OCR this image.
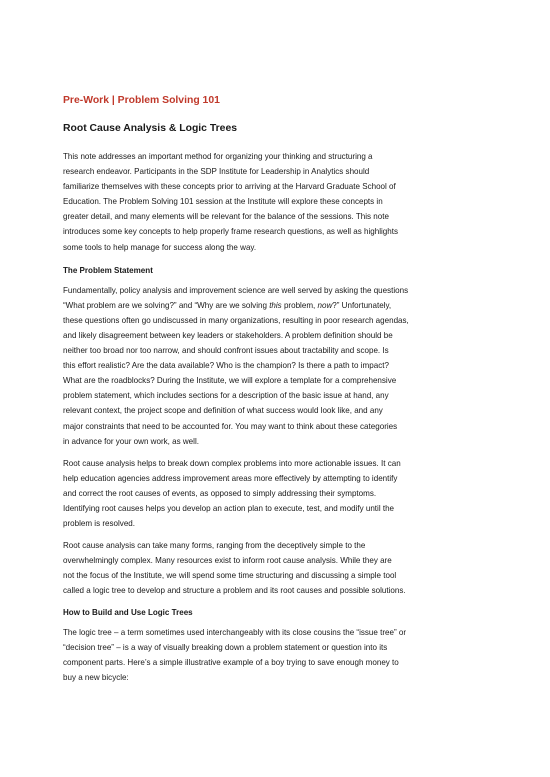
Pre-Work | Problem Solving 101
Root Cause Analysis & Logic Trees

This note addresses an important method for organizing your thinking and structuring a
research endeavor. Participants in the SDP Institute for Leadership in Analytics should
familiarize themselves with these concepts prior to arriving at the Harvard Graduate School of
Education. The Problem Solving 101 session at the Institute will explore these concepts in
greater detail, and many elements will be relevant for the balance of the sessions. This note
introduces some key concepts to help properly frame research questions, as well as highlights
some tools to help manage for success along the way.

The Problem Statement

Fundamentally, policy analysis and improvement science are well served by asking the questions
“What problem are we solving?” and “Why are we solving this problem, now?” Unfortunately,
these questions often go undiscussed in many organizations, resulting in poor research agendas,
and likely disagreement between key leaders or stakeholders. A problem definition should be
neither too broad nor too narrow, and should confront issues about tractability and scope. Is
this effort realistic? Are the data available? Who is the champion? Is there a path to impact?
What are the roadblocks? During the Institute, we will explore a template for a comprehensive
problem statement, which includes sections for a description of the basic issue at hand, any
relevant context, the project scope and definition of what success would look like, and any
major constraints that need to be accounted for. You may want to think about these categories
in advance for your own work, as well.

Root cause analysis helps to break down complex problems into more actionable issues. It can
help education agencies address improvement areas more effectively by attempting to identify
and correct the root causes of events, as opposed to simply addressing their symptoms.
Identifying root causes helps you develop an action plan to execute, test, and modify until the
problem is resolved.

Root cause analysis can take many forms, ranging from the deceptively simple to the
overwhelmingly complex. Many resources exist to inform root cause analysis. While they are
not the focus of the Institute, we will spend some time structuring and discussing a simple tool
called a logic tree to develop and structure a problem and its root causes and possible solutions.

How to Build and Use Logic Trees

The logic tree – a term sometimes used interchangeably with its close cousins the “issue tree” or
“decision tree” – is a way of visually breaking down a problem statement or question into its
component parts. Here’s a simple illustrative example of a boy trying to save enough money to
buy a new bicycle:
